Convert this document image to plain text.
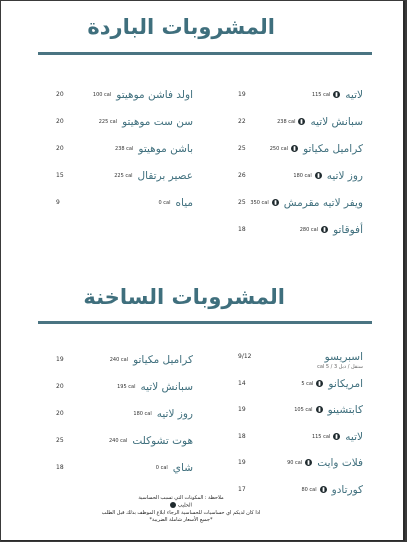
المشروبات الباردة
لاتيه
19	115 cal
سبانش لاتيه
22	238 cal
كراميل مكياتو
25	250 cal
روز لاتيه
26	180 cal
ويفر لاتيه مقرمش
25 350 cal
أفوقاتو
18	280 cal
اولد فاشن موهيتو
20	100 cal
سن ست موهيتو
20	225 cal
باشن موهيتو
20	238 cal
عصير برتقال
15	225 cal
مياه
9	0 cal
المشروبات الساخنة
اسبريسو
9/12
سنقل / دبل 3 / 5 cal
امريكانو
14	5 cal
كابتشينو
19	105 cal
لاتيه
18	115 cal
فلات وايت
19	90 cal
كورتادو
17	80 cal
كراميل مكياتو
19	240 cal
سبانش لاتيه
20	195 cal
روز لاتيه
20	180 cal
هوت تشوكلت
25	240 cal
شاي
18	0 cal
ملاحظة : المكونات التي تسبب الحساسية
الحليب
اذا كان لديكم اي حساسيات للحساسية الرجاء ابلاغ الموظف بذلك قبل الطلب
*جميع الأسعار شاملة الضريبة*
